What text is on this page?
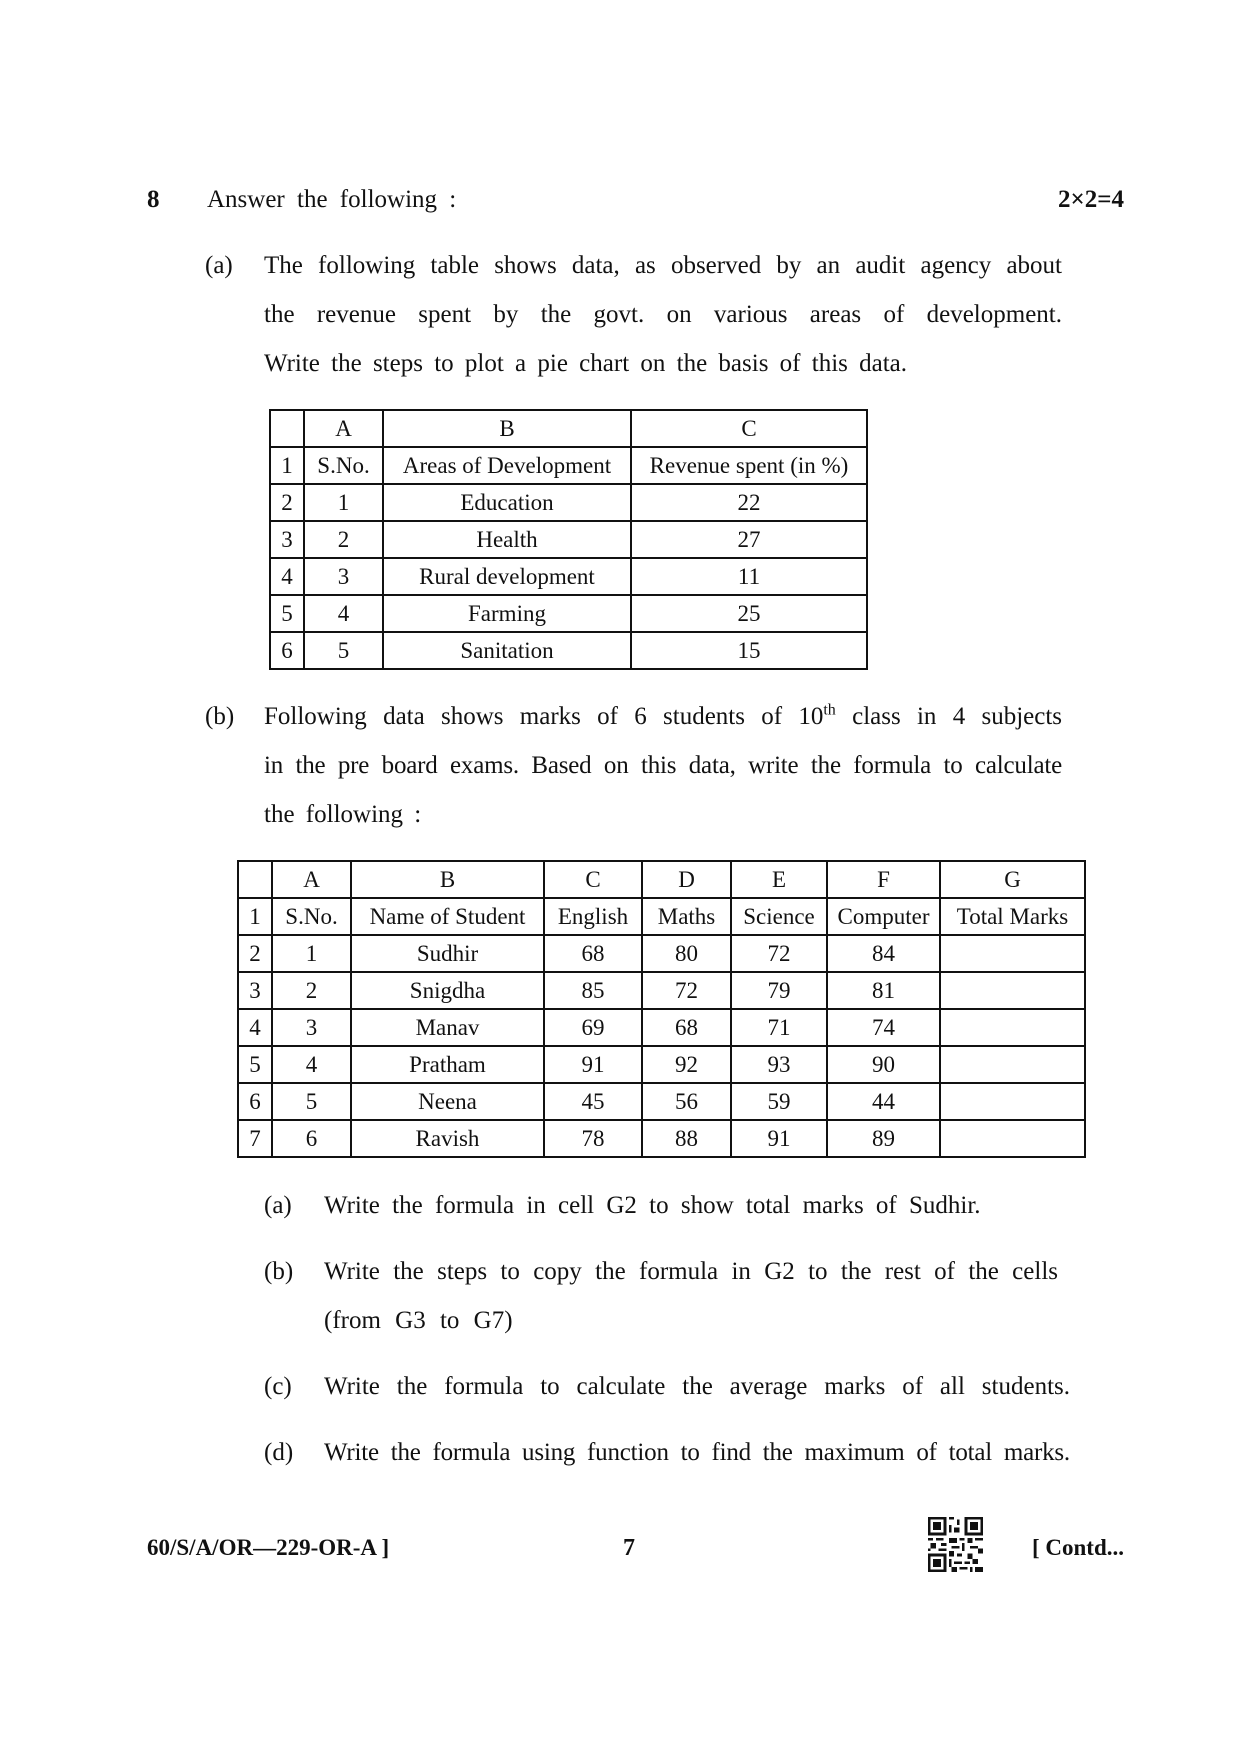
8 Answer the following :	2×2=4
(a) The following table shows data, as observed by an audit agency about
the revenue spent by the govt. on various areas of development.
Write the steps to plot a pie chart on the basis of this data.
	A	B	C
1	S.No.	Areas of Development	Revenue spent (in %)
2	1	Education	22
3	2	Health	27
4	3	Rural development	11
5	4	Farming	25
6	5	Sanitation	15
(b) Following data shows marks of 6 students of 10th class in 4 subjects
in the pre board exams. Based on this data, write the formula to calculate
the following :
	A	B	C	D	E	F	G
1	S.No.	Name of Student	English	Maths	Science	Computer	Total Marks
2	1	Sudhir	68	80	72	84	
3	2	Snigdha	85	72	79	81	
4	3	Manav	69	68	71	74	
5	4	Pratham	91	92	93	90	
6	5	Neena	45	56	59	44	
7	6	Ravish	78	88	91	89	
(a) Write the formula in cell G2 to show total marks of Sudhir.
(b) Write the steps to copy the formula in G2 to the rest of the cells
(from G3 to G7)
(c) Write the formula to calculate the average marks of all students.
(d) Write the formula using function to find the maximum of total marks.
60/S/A/OR—229-OR-A ]	7	[ Contd...
